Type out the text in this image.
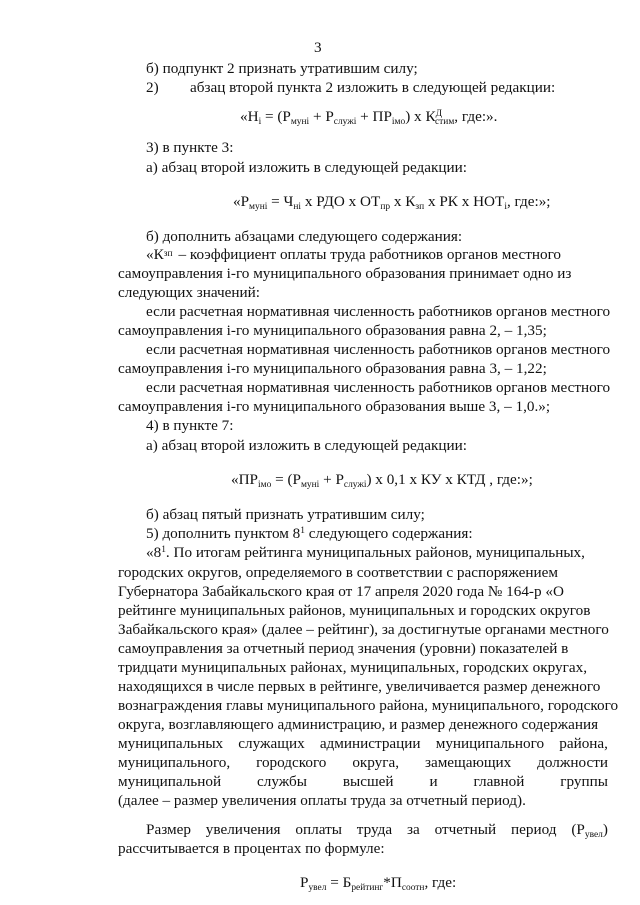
3
б) подпункт 2 признать утратившим силу;
2) абзац второй пункта 2 изложить в следующей редакции:
«$Н_i = (Р_{муні} + Р_{служі} + ПР_{імо})$ х $К^Д_{стим}$, где:».
3) в пункте 3:
а) абзац второй изложить в следующей редакции:
«$Р_{муні} = Ч_{ні}$ х РДО х $ОТ_{пр}$ х $К_{зп}$ х РК х $НОТ_і$, где:»;
б) дополнить абзацами следующего содержания:
«К зп – коэффициент оплаты труда работников органов местного
самоуправления і-го муниципального образования принимает одно из
следующих значений:
если расчетная нормативная численность работников органов местного
самоуправления і-го муниципального образования равна 2, – 1,35;
если расчетная нормативная численность работников органов местного
самоуправления і-го муниципального образования равна 3, – 1,22;
если расчетная нормативная численность работников органов местного
самоуправления і-го муниципального образования выше 3, – 1,0.»;
4) в пункте 7:
а) абзац второй изложить в следующей редакции:
«$ПР_{імо} = (Р_{муні} + Р_{служі})$ х 0,1 х КУ х КТД , где:»;
б) абзац пятый признать утратившим силу;
5) дополнить пунктом $8^1$ следующего содержания:
«$8^1$. По итогам рейтинга муниципальных районов, муниципальных,
городских округов, определяемого в соответствии с распоряжением
Губернатора Забайкальского края от 17 апреля 2020 года № 164-р «О
рейтинге муниципальных районов, муниципальных и городских округов
Забайкальского края» (далее – рейтинг), за достигнутые органами местного
самоуправления за отчетный период значения (уровни) показателей в
тридцати муниципальных районах, муниципальных, городских округах,
находящихся в числе первых в рейтинге, увеличивается размер денежного
вознаграждения главы муниципального района, муниципального, городского
округа, возглавляющего администрацию, и размер денежного содержания
муниципальных служащих администрации муниципального района,
муниципального, городского округа, замещающих должности
муниципальной службы высшей и главной группы
(далее – размер увеличения оплаты труда за отчетный период).
Размер увеличения оплаты труда за отчетный период $(Р_{увел})$
рассчитывается в процентах по формуле:
$Р_{увел} = Б_{рейтинг}*П_{соотн}$, где:
